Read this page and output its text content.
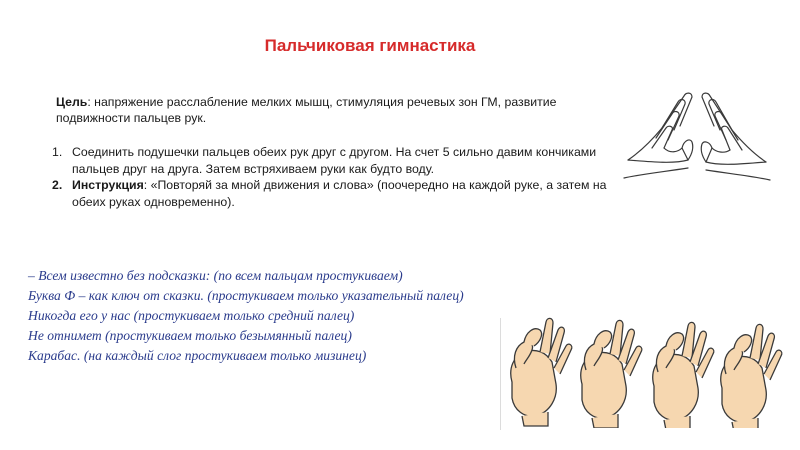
Пальчиковая гимнастика
Цель: напряжение расслабление мелких мышц, стимуляция речевых зон ГМ, развитие подвижности пальцев рук.
1. Соединить подушечки пальцев обеих рук друг с другом. На счет 5 сильно давим кончиками пальцев друг на друга. Затем встряхиваем руки как будто воду.
2. Инструкция: «Повторяй за мной движения и слова» (поочередно на каждой руке, а затем на обеих руках одновременно).
– Всем известно без подсказки: (по всем пальцам простукиваем)
Буква Ф – как ключ от сказки. (простукиваем только указательный палец)
Никогда его у нас (простукиваем только средний палец)
Не отнимет (простукиваем только безымянный палец)
Карабас. (на каждый слог простукиваем только мизинец)
